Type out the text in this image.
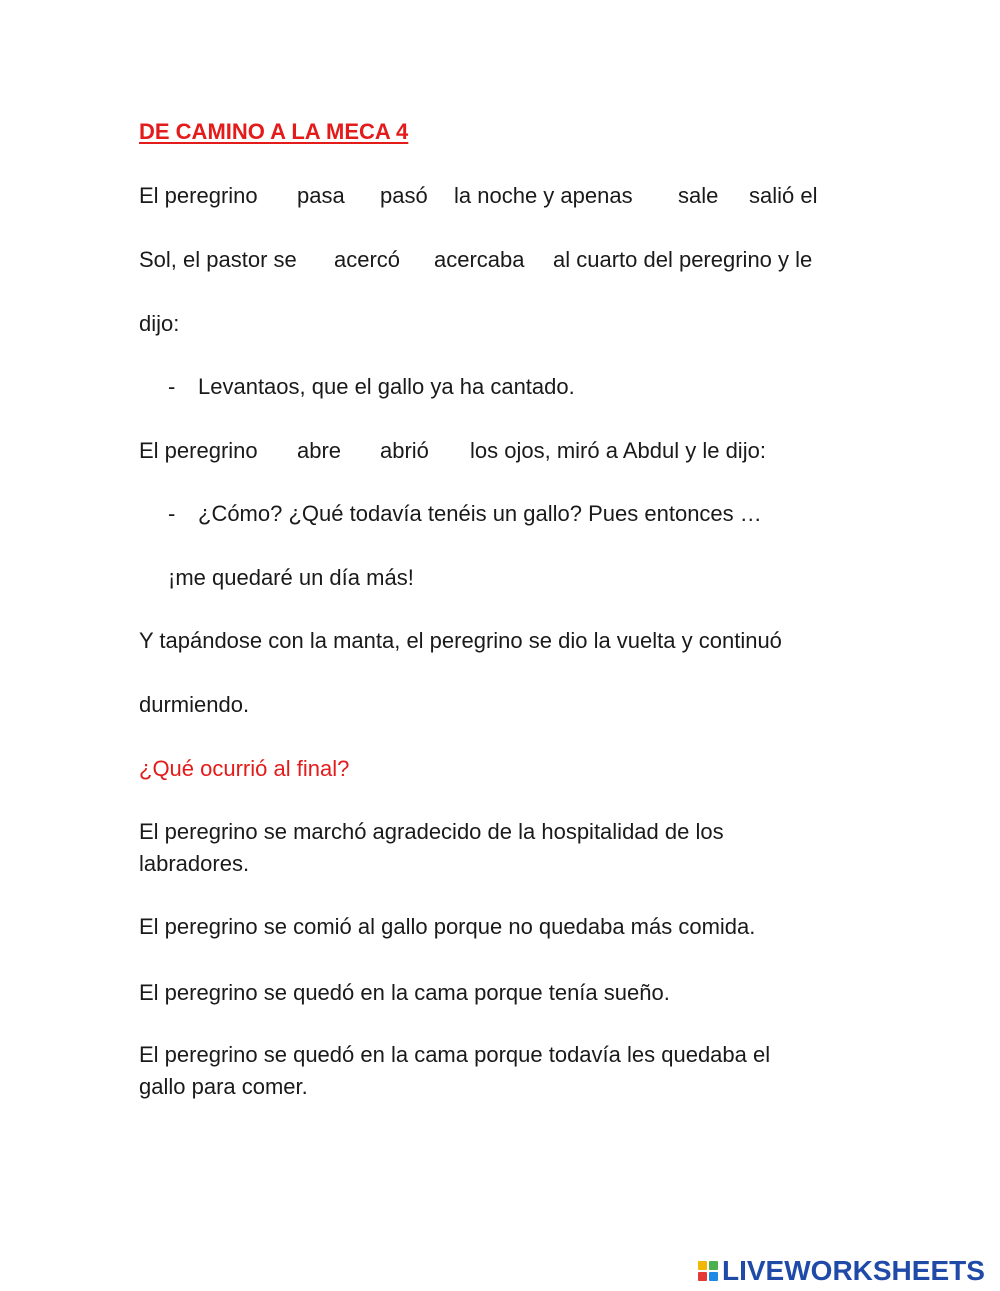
DE CAMINO A LA MECA 4
El peregrino pasa pasó la noche y apenas sale salió el
Sol, el pastor se acercó acercaba al cuarto del peregrino y le
dijo:
- Levantaos, que el gallo ya ha cantado.
El peregrino abre abrió los ojos, miró a Abdul y le dijo:
- ¿Cómo? ¿Qué todavía tenéis un gallo? Pues entonces …
¡me quedaré un día más!
Y tapándose con la manta, el peregrino se dio la vuelta y continuó
durmiendo.
¿Qué ocurrió al final?
El peregrino se marchó agradecido de la hospitalidad de los
labradores.
El peregrino se comió al gallo porque no quedaba más comida.
El peregrino se quedó en la cama porque tenía sueño.
El peregrino se quedó en la cama porque todavía les quedaba el
gallo para comer.
LIVEWORKSHEETS
